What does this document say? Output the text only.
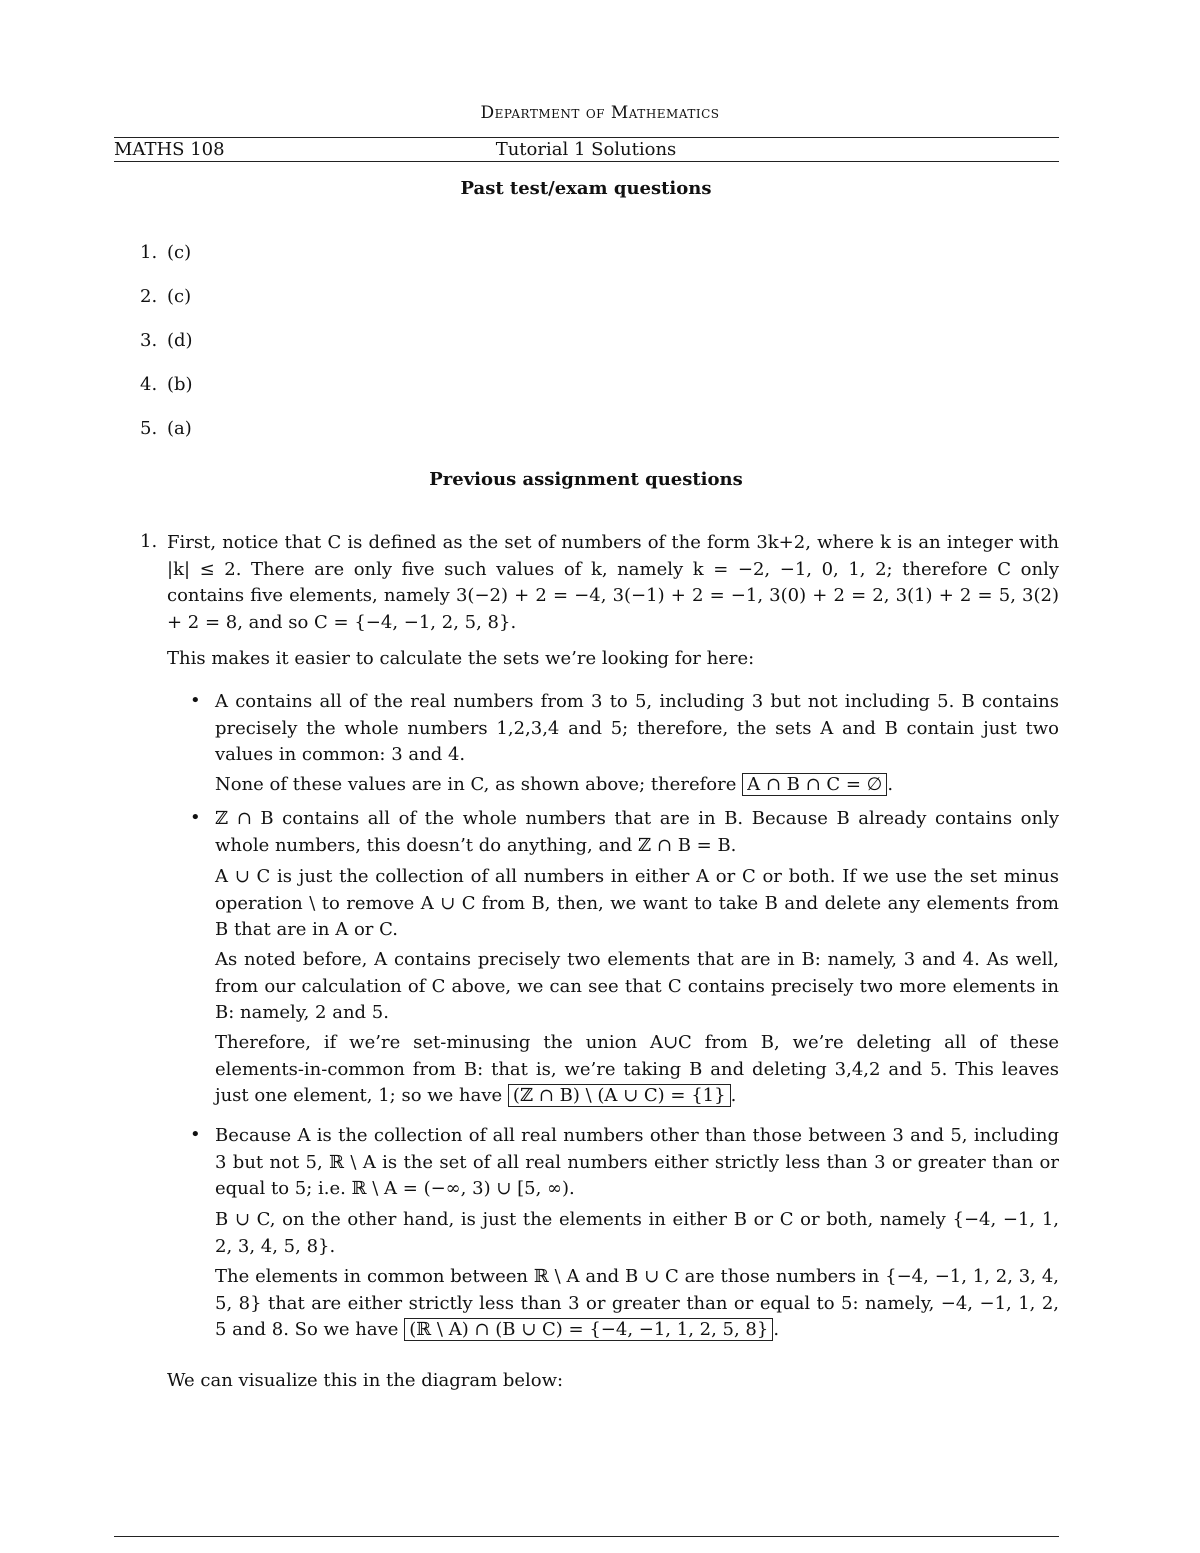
Department of Mathematics
MATHS 108	Tutorial 1 Solutions
Past test/exam questions
1. (c)
2. (c)
3. (d)
4. (b)
5. (a)
Previous assignment questions
1. First, notice that C is defined as the set of numbers of the form 3k+2, where k is an integer with |k| ≤ 2. There are only five such values of k, namely k = −2, −1, 0, 1, 2; therefore C only contains five elements, namely 3(−2) + 2 = −4, 3(−1) + 2 = −1, 3(0) + 2 = 2, 3(1) + 2 = 5, 3(2) + 2 = 8, and so C = {−4, −1, 2, 5, 8}.
This makes it easier to calculate the sets we’re looking for here:
• A contains all of the real numbers from 3 to 5, including 3 but not including 5. B contains precisely the whole numbers 1,2,3,4 and 5; therefore, the sets A and B contain just two values in common: 3 and 4.
None of these values are in C, as shown above; therefore A ∩ B ∩ C = ∅ .
• ℤ ∩ B contains all of the whole numbers that are in B. Because B already contains only whole numbers, this doesn’t do anything, and ℤ ∩ B = B.
A ∪ C is just the collection of all numbers in either A or C or both. If we use the set minus operation \ to remove A ∪ C from B, then, we want to take B and delete any elements from B that are in A or C.
As noted before, A contains precisely two elements that are in B: namely, 3 and 4. As well, from our calculation of C above, we can see that C contains precisely two more elements in B: namely, 2 and 5.
Therefore, if we’re set-minusing the union A∪C from B, we’re deleting all of these elements-in-common from B: that is, we’re taking B and deleting 3,4,2 and 5. This leaves just one element, 1; so we have (ℤ ∩ B) \ (A ∪ C) = {1} .
• Because A is the collection of all real numbers other than those between 3 and 5, including 3 but not 5, ℝ \ A is the set of all real numbers either strictly less than 3 or greater than or equal to 5; i.e. ℝ \ A = (−∞, 3) ∪ [5, ∞).
B ∪ C, on the other hand, is just the elements in either B or C or both, namely {−4, −1, 1, 2, 3, 4, 5, 8}.
The elements in common between ℝ \ A and B ∪ C are those numbers in {−4, −1, 1, 2, 3, 4, 5, 8} that are either strictly less than 3 or greater than or equal to 5: namely, −4, −1, 1, 2, 5 and 8. So we have (ℝ \ A) ∩ (B ∪ C) = {−4, −1, 1, 2, 5, 8} .
We can visualize this in the diagram below:
